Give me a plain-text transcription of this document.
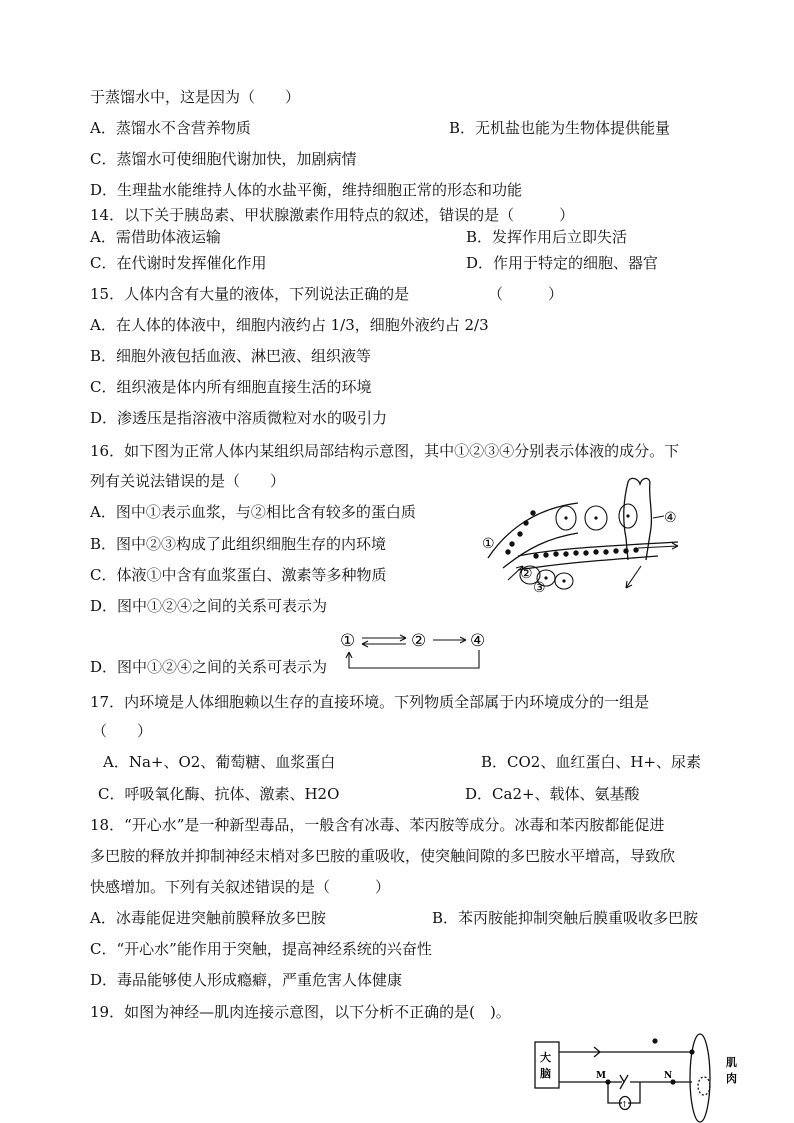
于蒸馏水中，这是因为（　　）
A．蒸馏水不含营养物质	B．无机盐也能为生物体提供能量
C．蒸馏水可使细胞代谢加快，加剧病情
D．生理盐水能维持人体的水盐平衡，维持细胞正常的形态和功能
14．以下关于胰岛素、甲状腺激素作用特点的叙述，错误的是（　　　）
A．需借助体液运输	B．发挥作用后立即失活
C．在代谢时发挥催化作用	D．作用于特定的细胞、器官
15．人体内含有大量的液体，下列说法正确的是	（　　　）
A．在人体的体液中，细胞内液约占 1/3，细胞外液约占 2/3
B．细胞外液包括血液、淋巴液、组织液等
C．组织液是体内所有细胞直接生活的环境
D．渗透压是指溶液中溶质微粒对水的吸引力
16．如下图为正常人体内某组织局部结构示意图，其中①②③④分别表示体液的成分。下
列有关说法错误的是（　　）
A．图中①表示血浆，与②相比含有较多的蛋白质
B．图中②③构成了此组织细胞生存的内环境
C．体液①中含有血浆蛋白、激素等多种物质
D．图中①②④之间的关系可表示为
D．图中①②④之间的关系可表示为
①
②
③
④
①	②	④
17．内环境是人体细胞赖以生存的直接环境。下列物质全部属于内环境成分的一组是
（　　）
A．Na+、O2、葡萄糖、血浆蛋白	B．CO2、血红蛋白、H+、尿素
C．呼吸氧化酶、抗体、激素、H2O	D．Ca2+、载体、氨基酸
18．“开心水”是一种新型毒品，一般含有冰毒、苯丙胺等成分。冰毒和苯丙胺都能促进
多巴胺的释放并抑制神经末梢对多巴胺的重吸收，使突触间隙的多巴胺水平增高，导致欣
快感增加。下列有关叙述错误的是（　　　）
A．冰毒能促进突触前膜释放多巴胺	B．苯丙胺能抑制突触后膜重吸收多巴胺
C．“开心水”能作用于突触，提高神经系统的兴奋性
D．毒品能够使人形成瘾癖，严重危害人体健康
19．如图为神经—肌肉连接示意图，以下分析不正确的是(　)。
大
脑
肌
肉
M	N
↑
